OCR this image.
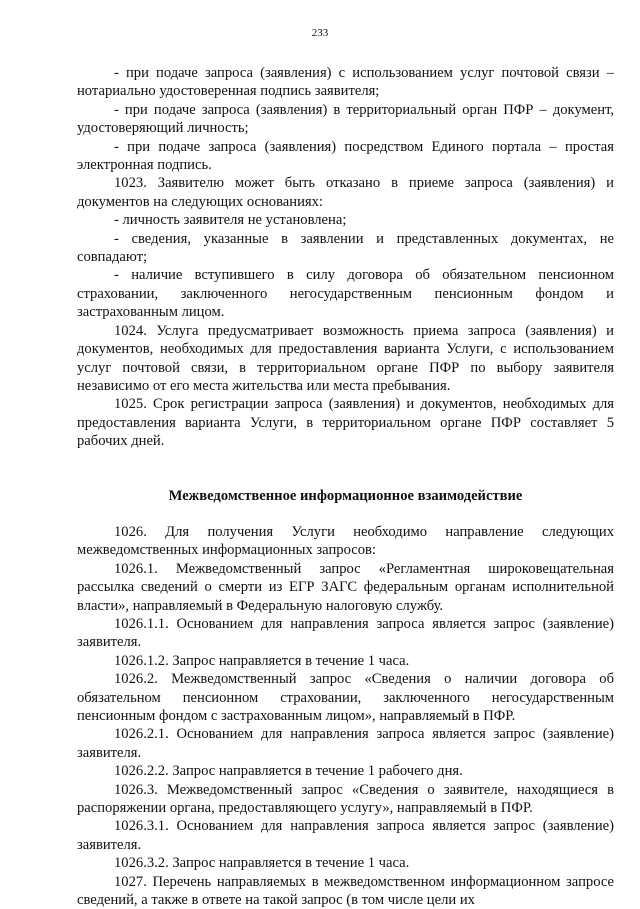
233

- при подаче запроса (заявления) с использованием услуг почтовой связи – нотариально удостоверенная подпись заявителя;

- при подаче запроса (заявления) в территориальный орган ПФР – документ, удостоверяющий личность;

- при подаче запроса (заявления) посредством Единого портала – простая электронная подпись.

1023. Заявителю может быть отказано в приеме запроса (заявления) и документов на следующих основаниях:

- личность заявителя не установлена;

- сведения, указанные в заявлении и представленных документах, не совпадают;

- наличие вступившего в силу договора об обязательном пенсионном страховании, заключенного негосударственным пенсионным фондом и застрахованным лицом.

1024. Услуга предусматривает возможность приема запроса (заявления) и документов, необходимых для предоставления варианта Услуги, с использованием услуг почтовой связи, в территориальном органе ПФР по выбору заявителя независимо от его места жительства или места пребывания.

1025. Срок регистрации запроса (заявления) и документов, необходимых для предоставления варианта Услуги, в территориальном органе ПФР составляет 5 рабочих дней.

Межведомственное информационное взаимодействие

1026. Для получения Услуги необходимо направление следующих межведомственных информационных запросов:

1026.1. Межведомственный запрос «Регламентная широковещательная рассылка сведений о смерти из ЕГР ЗАГС федеральным органам исполнительной власти», направляемый в Федеральную налоговую службу.

1026.1.1. Основанием для направления запроса является запрос (заявление) заявителя.

1026.1.2. Запрос направляется в течение 1 часа.

1026.2. Межведомственный запрос «Сведения о наличии договора об обязательном пенсионном страховании, заключенного негосударственным пенсионным фондом с застрахованным лицом», направляемый в ПФР.

1026.2.1. Основанием для направления запроса является запрос (заявление) заявителя.

1026.2.2. Запрос направляется в течение 1 рабочего дня.

1026.3. Межведомственный запрос «Сведения о заявителе, находящиеся в распоряжении органа, предоставляющего услугу», направляемый в ПФР.

1026.3.1. Основанием для направления запроса является запрос (заявление) заявителя.

1026.3.2. Запрос направляется в течение 1 часа.

1027. Перечень направляемых в межведомственном информационном запросе сведений, а также в ответе на такой запрос (в том числе цели их
